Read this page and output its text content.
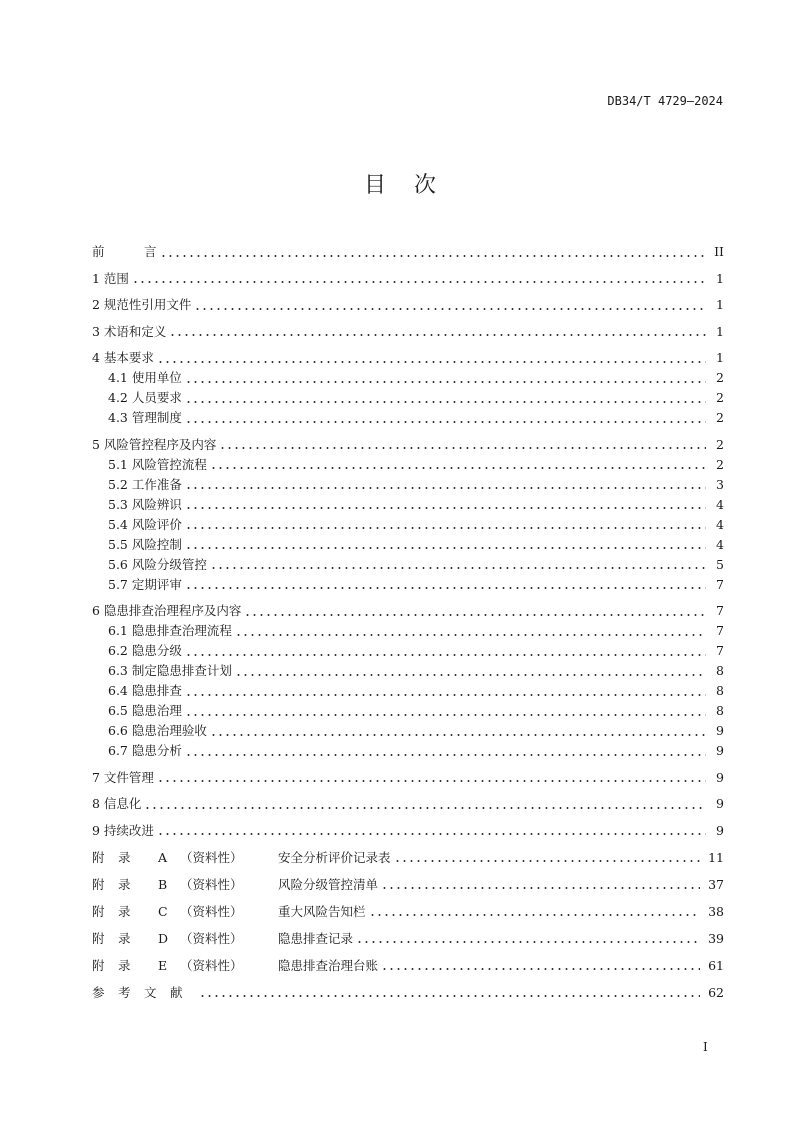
DB34/T 4729—2024
目 次
前	言	II
1 范围	1
2 规范性引用文件	1
3 术语和定义	1
4 基本要求	1
4.1 使用单位	2
4.2 人员要求	2
4.3 管理制度	2
5 风险管控程序及内容	2
5.1 风险管控流程	2
5.2 工作准备	3
5.3 风险辨识	4
5.4 风险评价	4
5.5 风险控制	4
5.6 风险分级管控	5
5.7 定期评审	7
6 隐患排查治理程序及内容	7
6.1 隐患排查治理流程	7
6.2 隐患分级	7
6.3 制定隐患排查计划	8
6.4 隐患排查	8
6.5 隐患治理	8
6.6 隐患治理验收	9
6.7 隐患分析	9
7 文件管理	9
8 信息化	9
9 持续改进	9
附 录 A （资料性）	安全分析评价记录表	11
附 录 B （资料性）	风险分级管控清单	37
附 录 C （资料性）	重大风险告知栏	38
附 录 D （资料性）	隐患排查记录	39
附 录 E （资料性）	隐患排查治理台账	61
参 考 文 献	62
I
